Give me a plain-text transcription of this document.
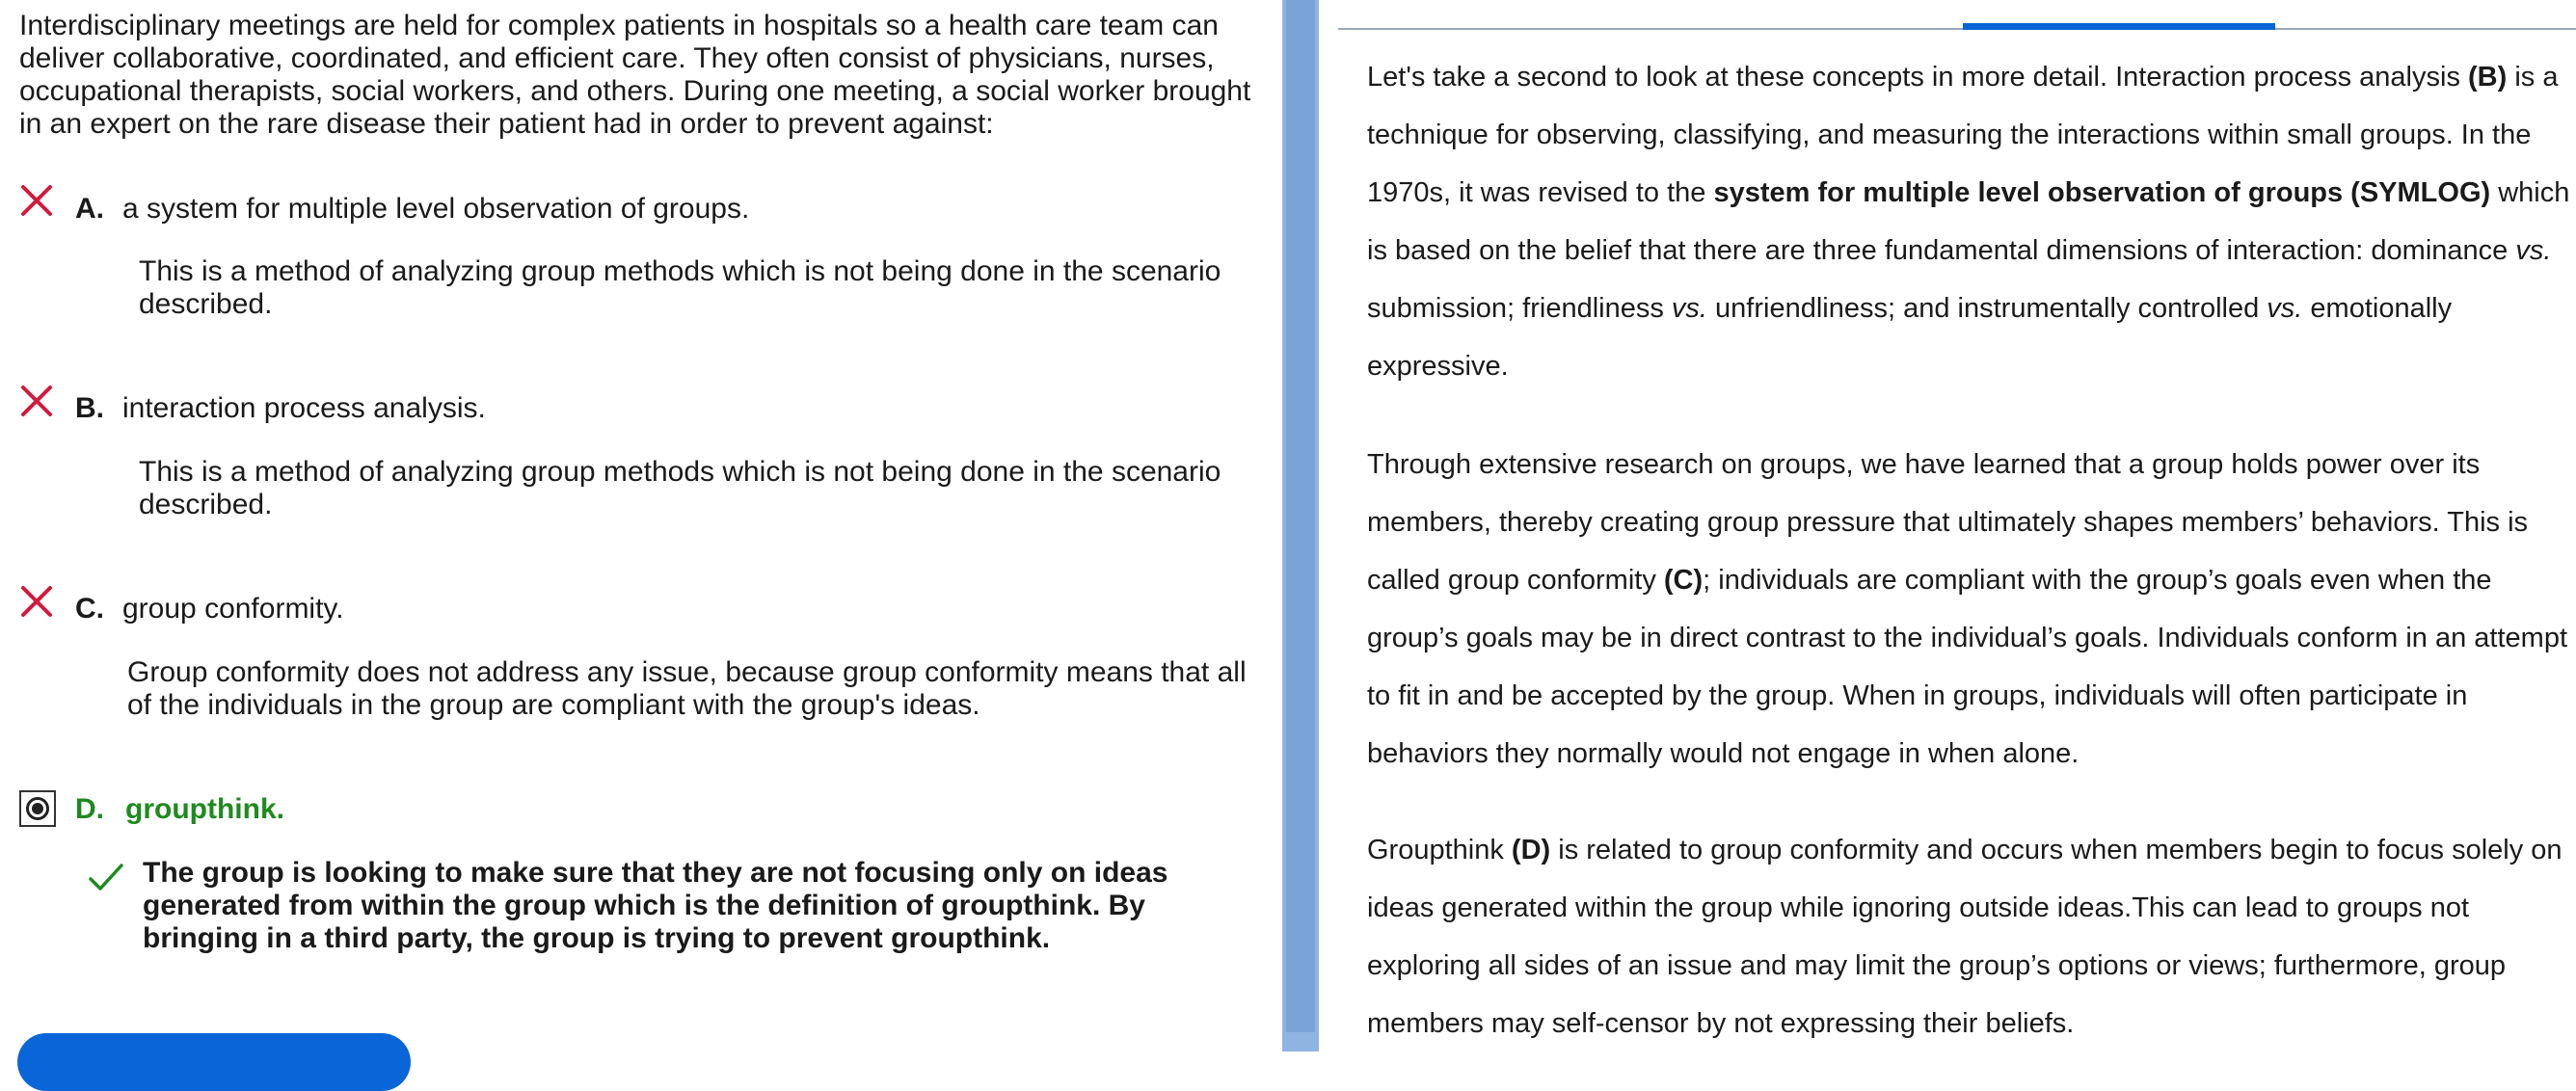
Interdisciplinary meetings are held for complex patients in hospitals so a health care team can deliver collaborative, coordinated, and efficient care. They often consist of physicians, nurses, occupational therapists, social workers, and others. During one meeting, a social worker brought in an expert on the rare disease their patient had in order to prevent against:

A. a system for multiple level observation of groups.

This is a method of analyzing group methods which is not being done in the scenario described.

B. interaction process analysis.

This is a method of analyzing group methods which is not being done in the scenario described.

C. group conformity.

Group conformity does not address any issue, because group conformity means that all of the individuals in the group are compliant with the group's ideas.

D. groupthink.

The group is looking to make sure that they are not focusing only on ideas generated from within the group which is the definition of groupthink. By bringing in a third party, the group is trying to prevent groupthink.

Let's take a second to look at these concepts in more detail. Interaction process analysis (B) is a technique for observing, classifying, and measuring the interactions within small groups. In the 1970s, it was revised to the system for multiple level observation of groups (SYMLOG) which is based on the belief that there are three fundamental dimensions of interaction: dominance vs. submission; friendliness vs. unfriendliness; and instrumentally controlled vs. emotionally expressive.

Through extensive research on groups, we have learned that a group holds power over its members, thereby creating group pressure that ultimately shapes members’ behaviors. This is called group conformity (C); individuals are compliant with the group’s goals even when the group’s goals may be in direct contrast to the individual’s goals. Individuals conform in an attempt to fit in and be accepted by the group. When in groups, individuals will often participate in behaviors they normally would not engage in when alone.

Groupthink (D) is related to group conformity and occurs when members begin to focus solely on ideas generated within the group while ignoring outside ideas.This can lead to groups not exploring all sides of an issue and may limit the group’s options or views; furthermore, group members may self-censor by not expressing their beliefs.
